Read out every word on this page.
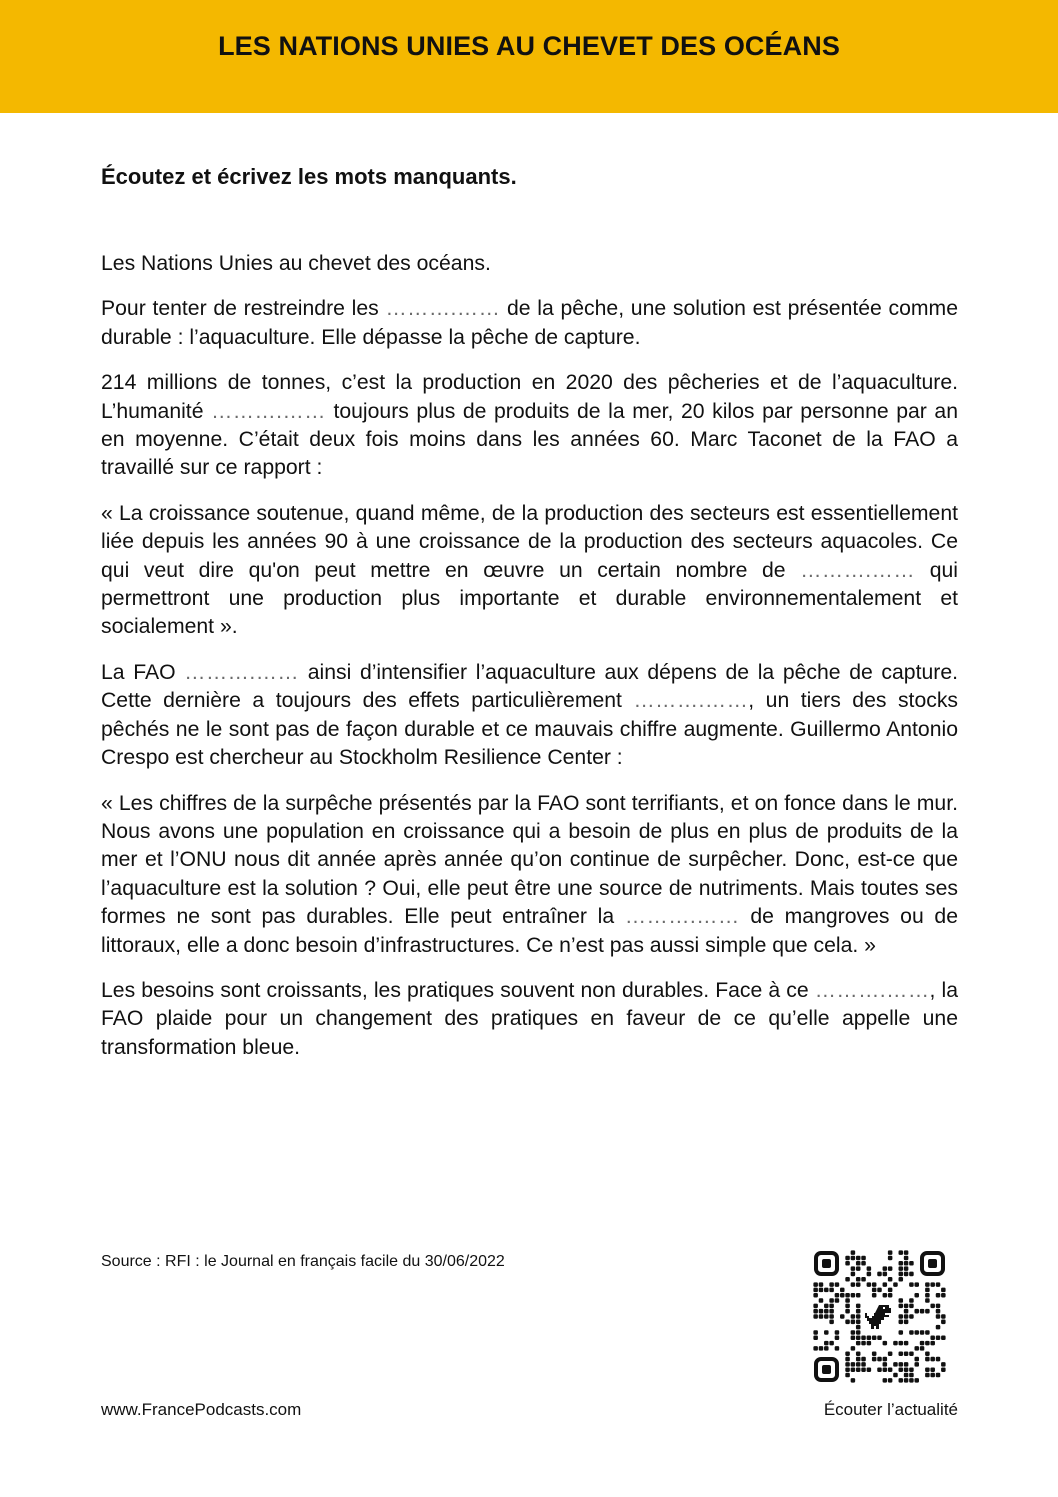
LES NATIONS UNIES AU CHEVET DES OCÉANS

Écoutez et écrivez les mots manquants.

Les Nations Unies au chevet des océans.

Pour tenter de restreindre les ……….…… de la pêche, une solution est présentée comme durable : l’aquaculture. Elle dépasse la pêche de capture.

214 millions de tonnes, c’est la production en 2020 des pêcheries et de l’aquaculture. L’humanité ……….…… toujours plus de produits de la mer, 20 kilos par personne par an en moyenne. C’était deux fois moins dans les années 60. Marc Taconet de la FAO a travaillé sur ce rapport :

« La croissance soutenue, quand même, de la production des secteurs est essentiellement liée depuis les années 90 à une croissance de la production des secteurs aquacoles. Ce qui veut dire qu'on peut mettre en œuvre un certain nombre de ……….…… qui permettront une production plus importante et durable environnementalement et socialement ».

La FAO ……….…… ainsi d’intensifier l’aquaculture aux dépens de la pêche de capture. Cette dernière a toujours des effets particulièrement ……….……, un tiers des stocks pêchés ne le sont pas de façon durable et ce mauvais chiffre augmente. Guillermo Antonio Crespo est chercheur au Stockholm Resilience Center :

« Les chiffres de la surpêche présentés par la FAO sont terrifiants, et on fonce dans le mur. Nous avons une population en croissance qui a besoin de plus en plus de produits de la mer et l’ONU nous dit année après année qu’on continue de surpêcher. Donc, est-ce que l’aquaculture est la solution ? Oui, elle peut être une source de nutriments. Mais toutes ses formes ne sont pas durables. Elle peut entraîner la ……….…… de mangroves ou de littoraux, elle a donc besoin d’infrastructures. Ce n’est pas aussi simple que cela. »

Les besoins sont croissants, les pratiques souvent non durables. Face à ce ……….……, la FAO plaide pour un changement des pratiques en faveur de ce qu’elle appelle une transformation bleue.

Source : RFI : le Journal en français facile du 30/06/2022

www.FrancePodcasts.com	Écouter l’actualité
